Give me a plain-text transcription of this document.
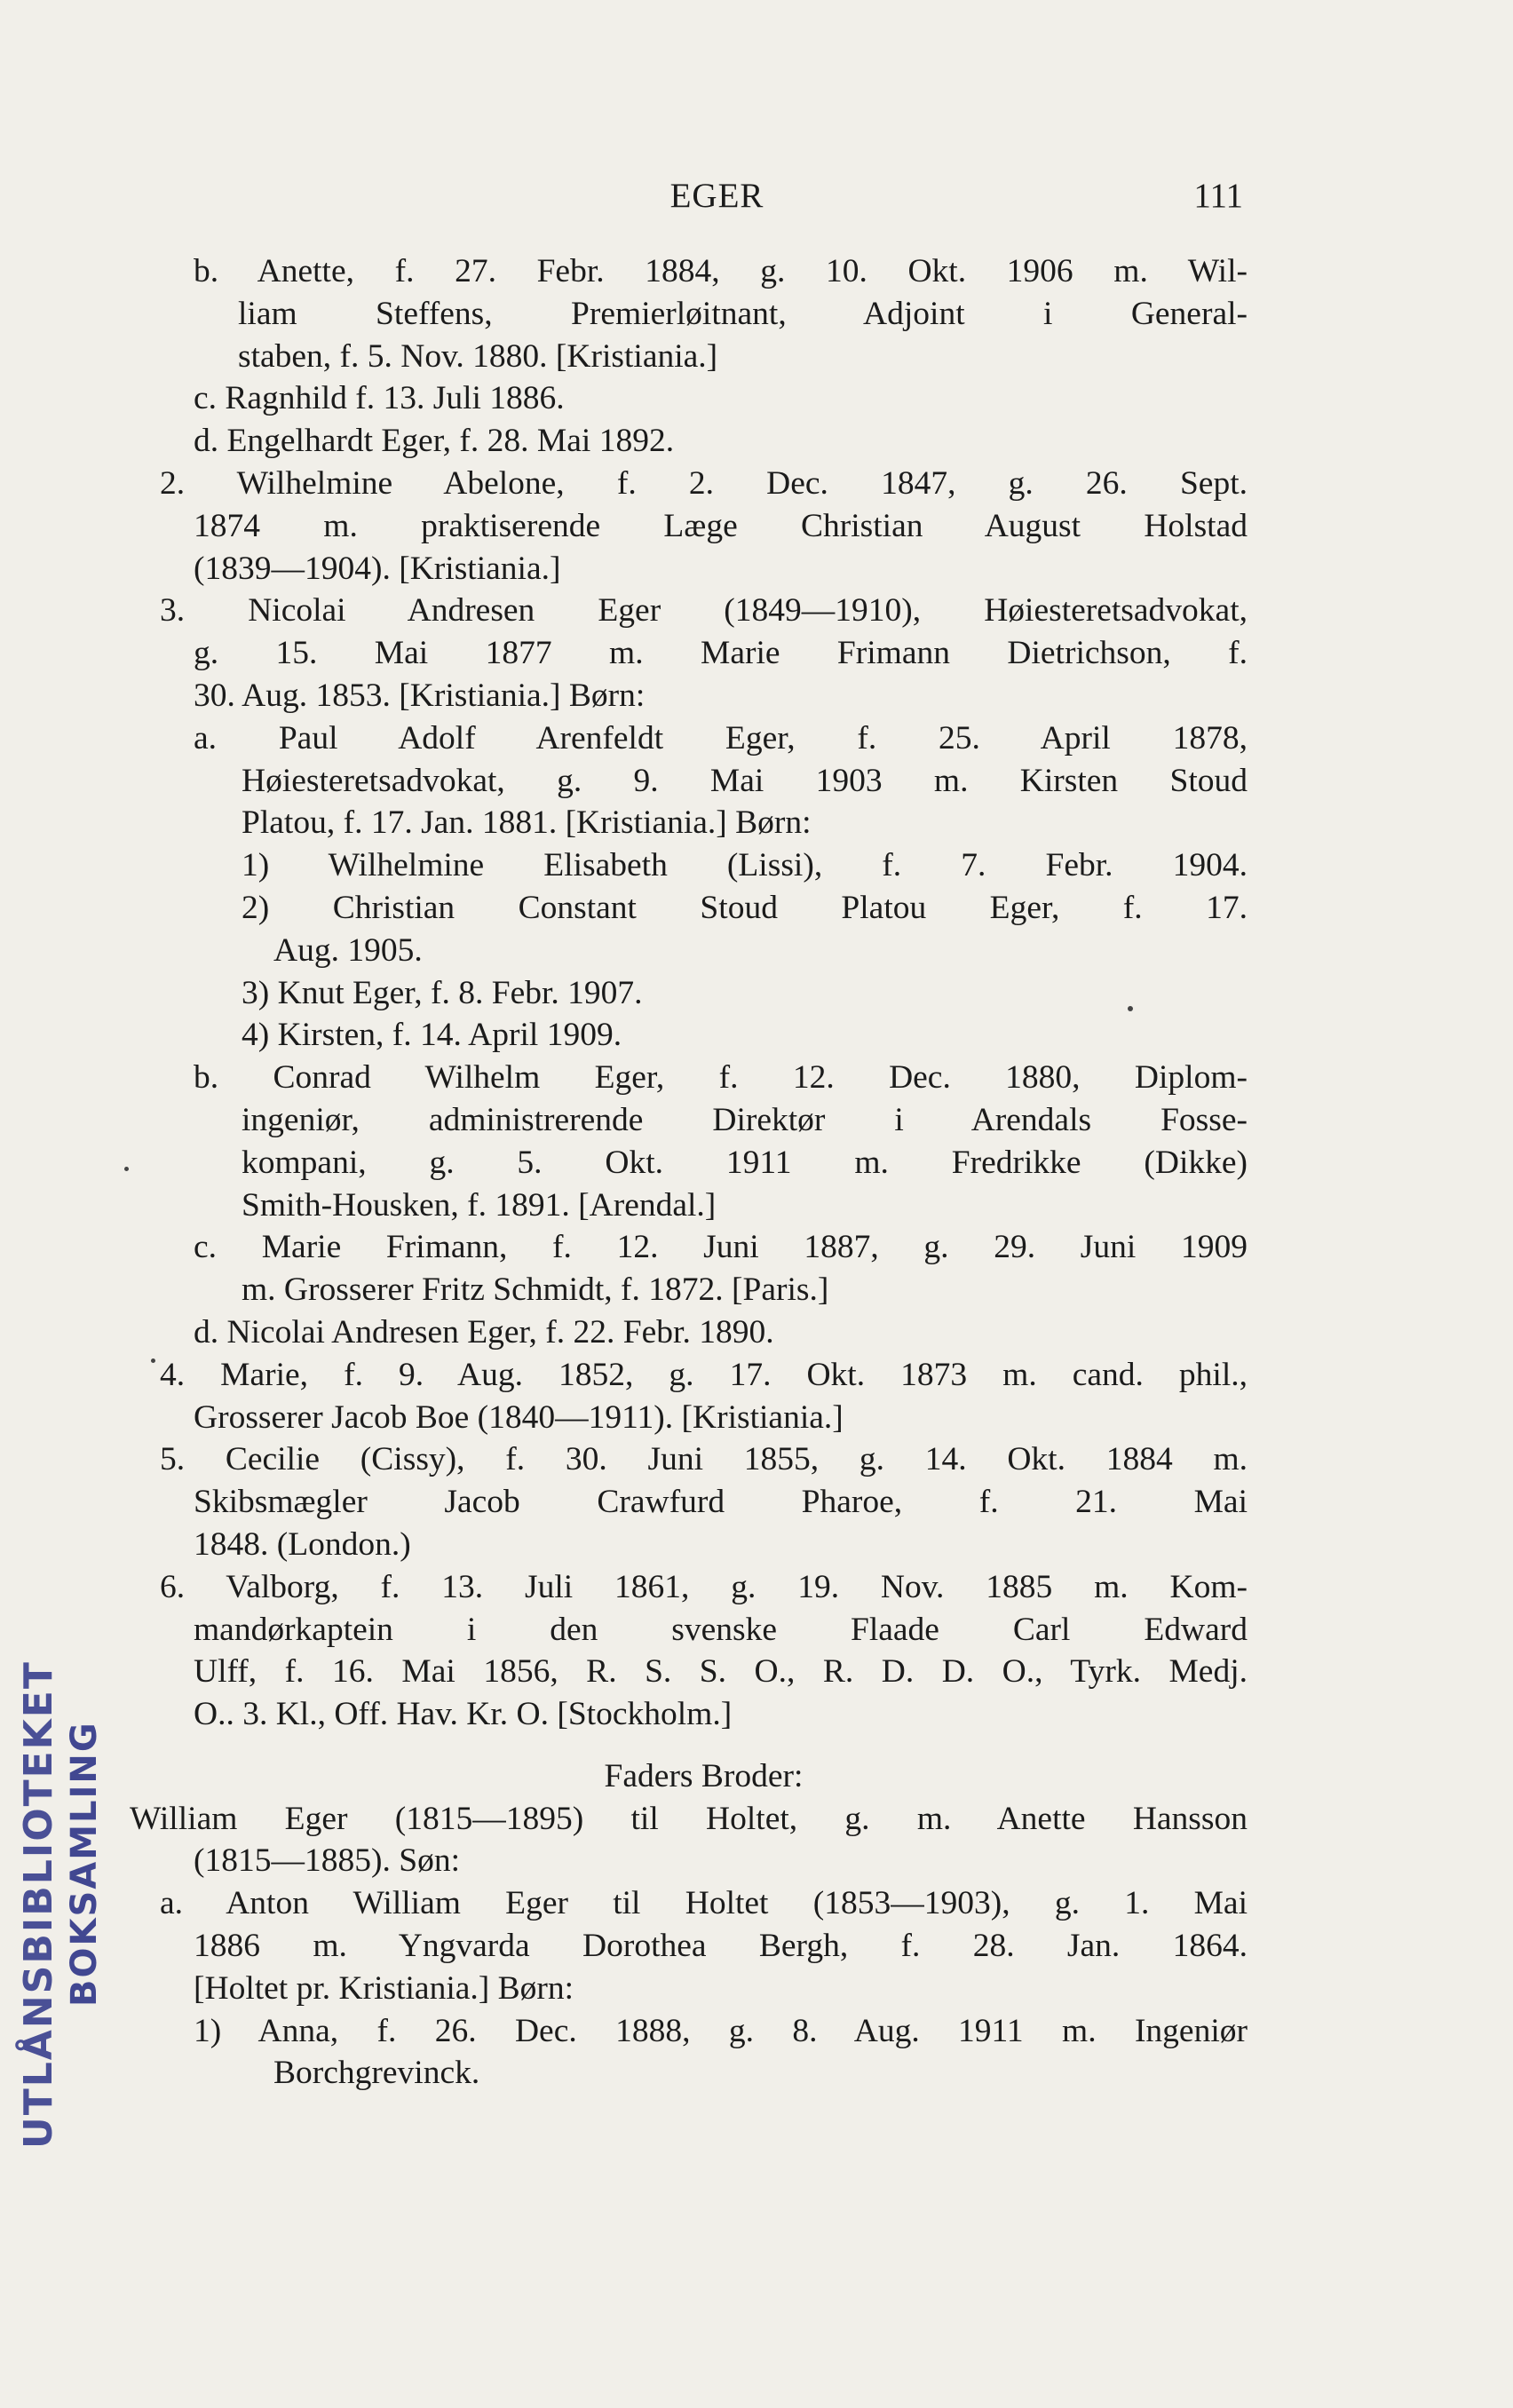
EGER	111
b. Anette, f. 27. Febr. 1884, g. 10. Okt. 1906 m. Wil-
liam Steffens, Premierløitnant, Adjoint i General-
staben, f. 5. Nov. 1880. [Kristiania.]
c. Ragnhild f. 13. Juli 1886.
d. Engelhardt Eger, f. 28. Mai 1892.
2. Wilhelmine Abelone, f. 2. Dec. 1847, g. 26. Sept.
1874 m. praktiserende Læge Christian August Holstad
(1839—1904). [Kristiania.]
3. Nicolai Andresen Eger (1849—1910), Høiesteretsadvokat,
g. 15. Mai 1877 m. Marie Frimann Dietrichson, f.
30. Aug. 1853. [Kristiania.] Børn:
a. Paul Adolf Arenfeldt Eger, f. 25. April 1878,
Høiesteretsadvokat, g. 9. Mai 1903 m. Kirsten Stoud
Platou, f. 17. Jan. 1881. [Kristiania.] Børn:
1) Wilhelmine Elisabeth (Lissi), f. 7. Febr. 1904.
2) Christian Constant Stoud Platou Eger, f. 17.
Aug. 1905.
3) Knut Eger, f. 8. Febr. 1907.
4) Kirsten, f. 14. April 1909.
b. Conrad Wilhelm Eger, f. 12. Dec. 1880, Diplom-
ingeniør, administrerende Direktør i Arendals Fosse-
kompani, g. 5. Okt. 1911 m. Fredrikke (Dikke)
Smith-Housken, f. 1891. [Arendal.]
c. Marie Frimann, f. 12. Juni 1887, g. 29. Juni 1909
m. Grosserer Fritz Schmidt, f. 1872. [Paris.]
d. Nicolai Andresen Eger, f. 22. Febr. 1890.
4. Marie, f. 9. Aug. 1852, g. 17. Okt. 1873 m. cand. phil.,
Grosserer Jacob Boe (1840—1911). [Kristiania.]
5. Cecilie (Cissy), f. 30. Juni 1855, g. 14. Okt. 1884 m.
Skibsmægler Jacob Crawfurd Pharoe, f. 21. Mai
1848. (London.)
6. Valborg, f. 13. Juli 1861, g. 19. Nov. 1885 m. Kom-
mandørkaptein i den svenske Flaade Carl Edward
Ulff, f. 16. Mai 1856, R. S. S. O., R. D. D. O., Tyrk. Medj.
O.. 3. Kl., Off. Hav. Kr. O. [Stockholm.]
Faders Broder:
William Eger (1815—1895) til Holtet, g. m. Anette Hansson
(1815—1885). Søn:
a. Anton William Eger til Holtet (1853—1903), g. 1. Mai
1886 m. Yngvarda Dorothea Bergh, f. 28. Jan. 1864.
[Holtet pr. Kristiania.] Børn:
1) Anna, f. 26. Dec. 1888, g. 8. Aug. 1911 m. Ingeniør
Borchgrevinck.
UTLÅNSBIBLIOTEKET BOKSAMLING
